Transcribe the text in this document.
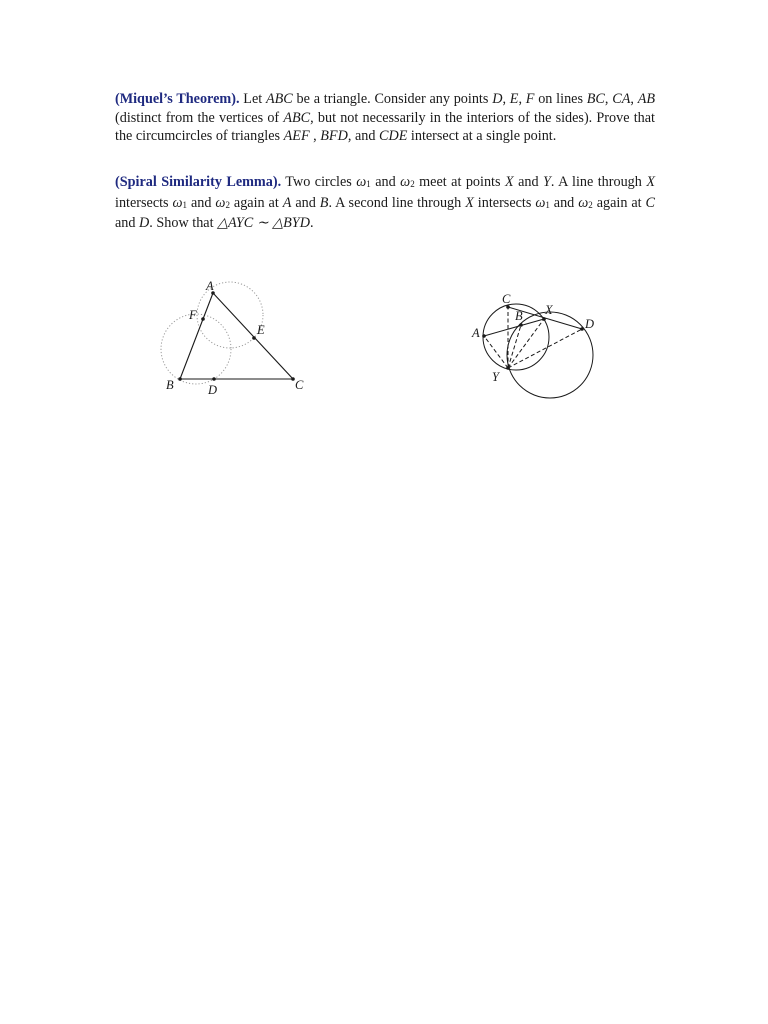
(Miquel’s Theorem). Let ABC be a triangle. Consider any points D, E, F on lines BC, CA, AB (distinct from the vertices of ABC, but not necessarily in the interiors of the sides). Prove that the circumcircles of triangles AEF , BFD, and CDE intersect at a single point.

(Spiral Similarity Lemma). Two circles ω1 and ω2 meet at points X and Y. A line through X intersects ω1 and ω2 again at A and B. A second line through X intersects ω1 and ω2 again at C and D. Show that △AYC ∼ △BYD.

A
F
E
B	D	C
C
B X
D
A
Y
